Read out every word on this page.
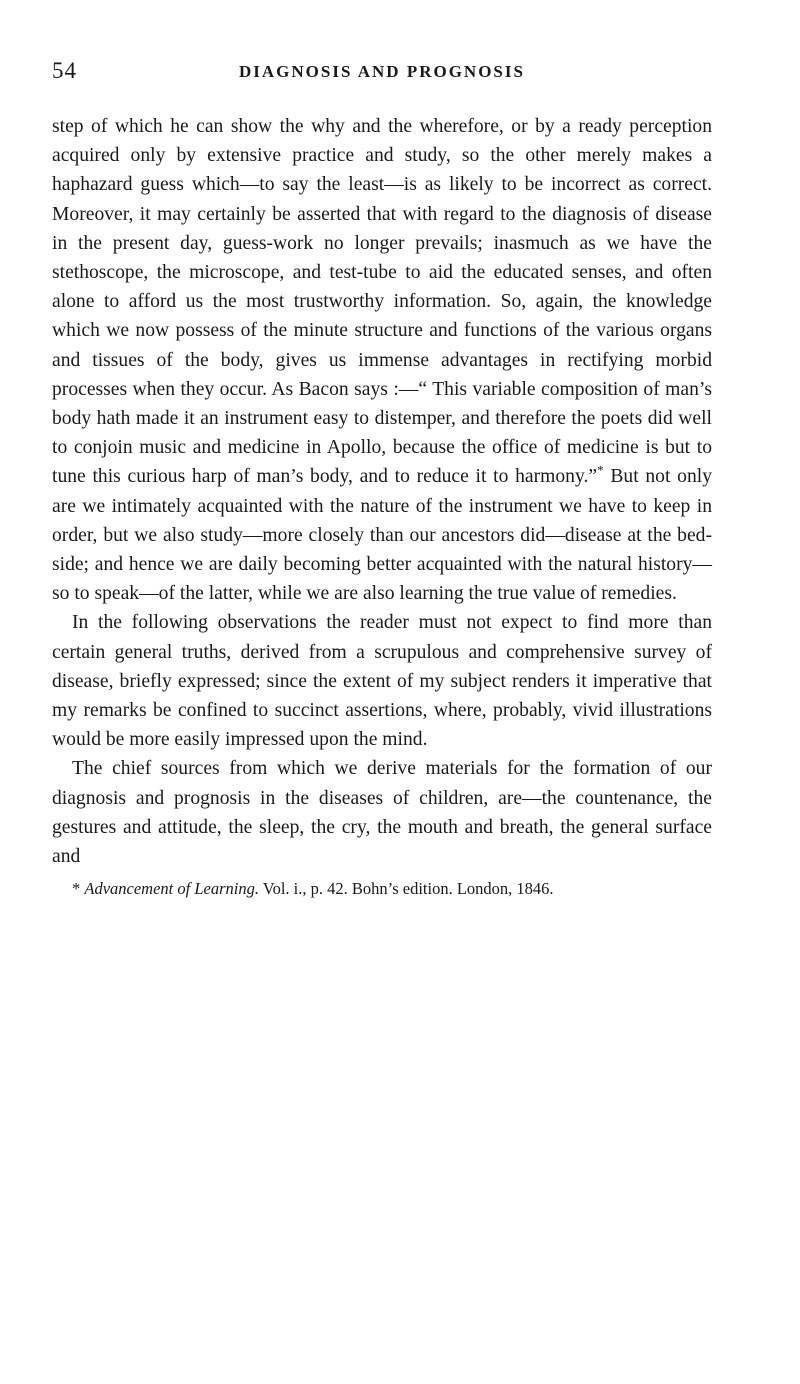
54	DIAGNOSIS AND PROGNOSIS

step of which he can show the why and the wherefore, or by a ready perception acquired only by extensive practice and study, so the other merely makes a haphazard guess which—to say the least—is as likely to be incorrect as correct. Moreover, it may certainly be asserted that with regard to the diagnosis of disease in the present day, guess-work no longer prevails; inasmuch as we have the stethoscope, the microscope, and test-tube to aid the educated senses, and often alone to afford us the most trustworthy information. So, again, the knowledge which we now possess of the minute structure and functions of the various organs and tissues of the body, gives us immense advantages in rectifying morbid processes when they occur. As Bacon says :—“ This variable composition of man’s body hath made it an instrument easy to distemper, and therefore the poets did well to conjoin music and medicine in Apollo, because the office of medicine is but to tune this curious harp of man’s body, and to reduce it to harmony.”* But not only are we intimately acquainted with the nature of the instrument we have to keep in order, but we also study—more closely than our ancestors did—disease at the bed-side; and hence we are daily becoming better acquainted with the natural history—so to speak—of the latter, while we are also learning the true value of remedies.

In the following observations the reader must not expect to find more than certain general truths, derived from a scrupulous and comprehensive survey of disease, briefly expressed; since the extent of my subject renders it imperative that my remarks be confined to succinct assertions, where, probably, vivid illustrations would be more easily impressed upon the mind.

The chief sources from which we derive materials for the formation of our diagnosis and prognosis in the diseases of children, are—the countenance, the gestures and attitude, the sleep, the cry, the mouth and breath, the general surface and

* Advancement of Learning. Vol. i., p. 42. Bohn’s edition. London, 1846.
